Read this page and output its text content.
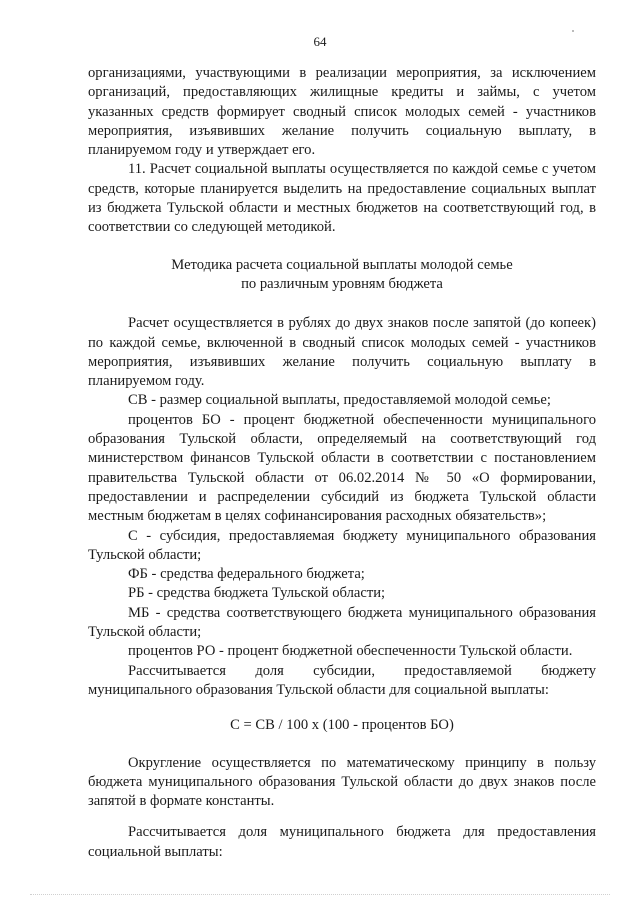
64

организациями, участвующими в реализации мероприятия, за исключением организаций, предоставляющих жилищные кредиты и займы, с учетом указанных средств формирует сводный список молодых семей - участников мероприятия, изъявивших желание получить социальную выплату, в планируемом году и утверждает его.

11. Расчет социальной выплаты осуществляется по каждой семье с учетом средств, которые планируется выделить на предоставление социальных выплат из бюджета Тульской области и местных бюджетов на соответствующий год, в соответствии со следующей методикой.

Методика расчета социальной выплаты молодой семье
по различным уровням бюджета

Расчет осуществляется в рублях до двух знаков после запятой (до копеек) по каждой семье, включенной в сводный список молодых семей - участников мероприятия, изъявивших желание получить социальную выплату в планируемом году.

СВ - размер социальной выплаты, предоставляемой молодой семье;

процентов БО - процент бюджетной обеспеченности муниципального образования Тульской области, определяемый на соответствующий год министерством финансов Тульской области в соответствии с постановлением правительства Тульской области от 06.02.2014 № 50 «О формировании, предоставлении и распределении субсидий из бюджета Тульской области местным бюджетам в целях софинансирования расходных обязательств»;

С - субсидия, предоставляемая бюджету муниципального образования Тульской области;

ФБ - средства федерального бюджета;

РБ - средства бюджета Тульской области;

МБ - средства соответствующего бюджета муниципального образования Тульской области;

процентов РО - процент бюджетной обеспеченности Тульской области.

Рассчитывается доля субсидии, предоставляемой бюджету муниципального образования Тульской области для социальной выплаты:

С = СВ / 100 x (100 - процентов БО)

Округление осуществляется по математическому принципу в пользу бюджета муниципального образования Тульской области до двух знаков после запятой в формате константы.

Рассчитывается доля муниципального бюджета для предоставления социальной выплаты:
